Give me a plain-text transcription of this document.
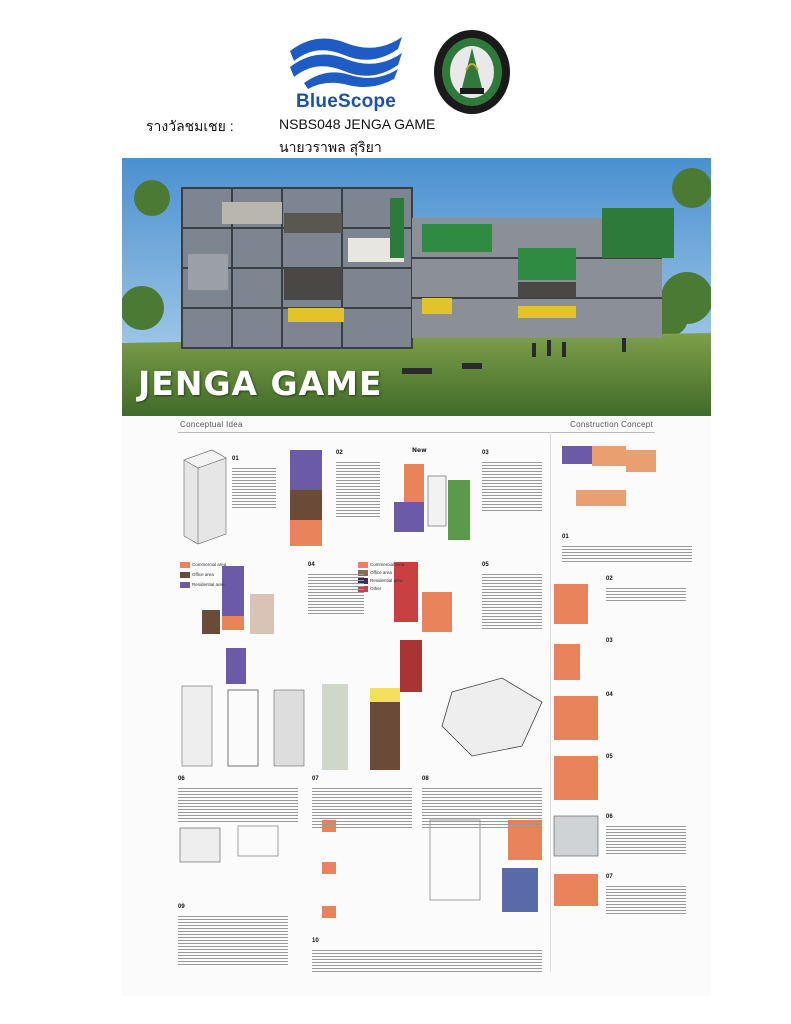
BlueScope
รางวัลชมเชย :	NSBS048 JENGA GAME
นายวราพล สุริยา
JENGA GAME
Conceptual Idea	Construction Concept
New
01
02	03
04	05
06	07	08
09
10
01
02
03
04
05
06
07
Commercial area
Office area
Residential area
Commercial area
Office area
Residential area
Other
